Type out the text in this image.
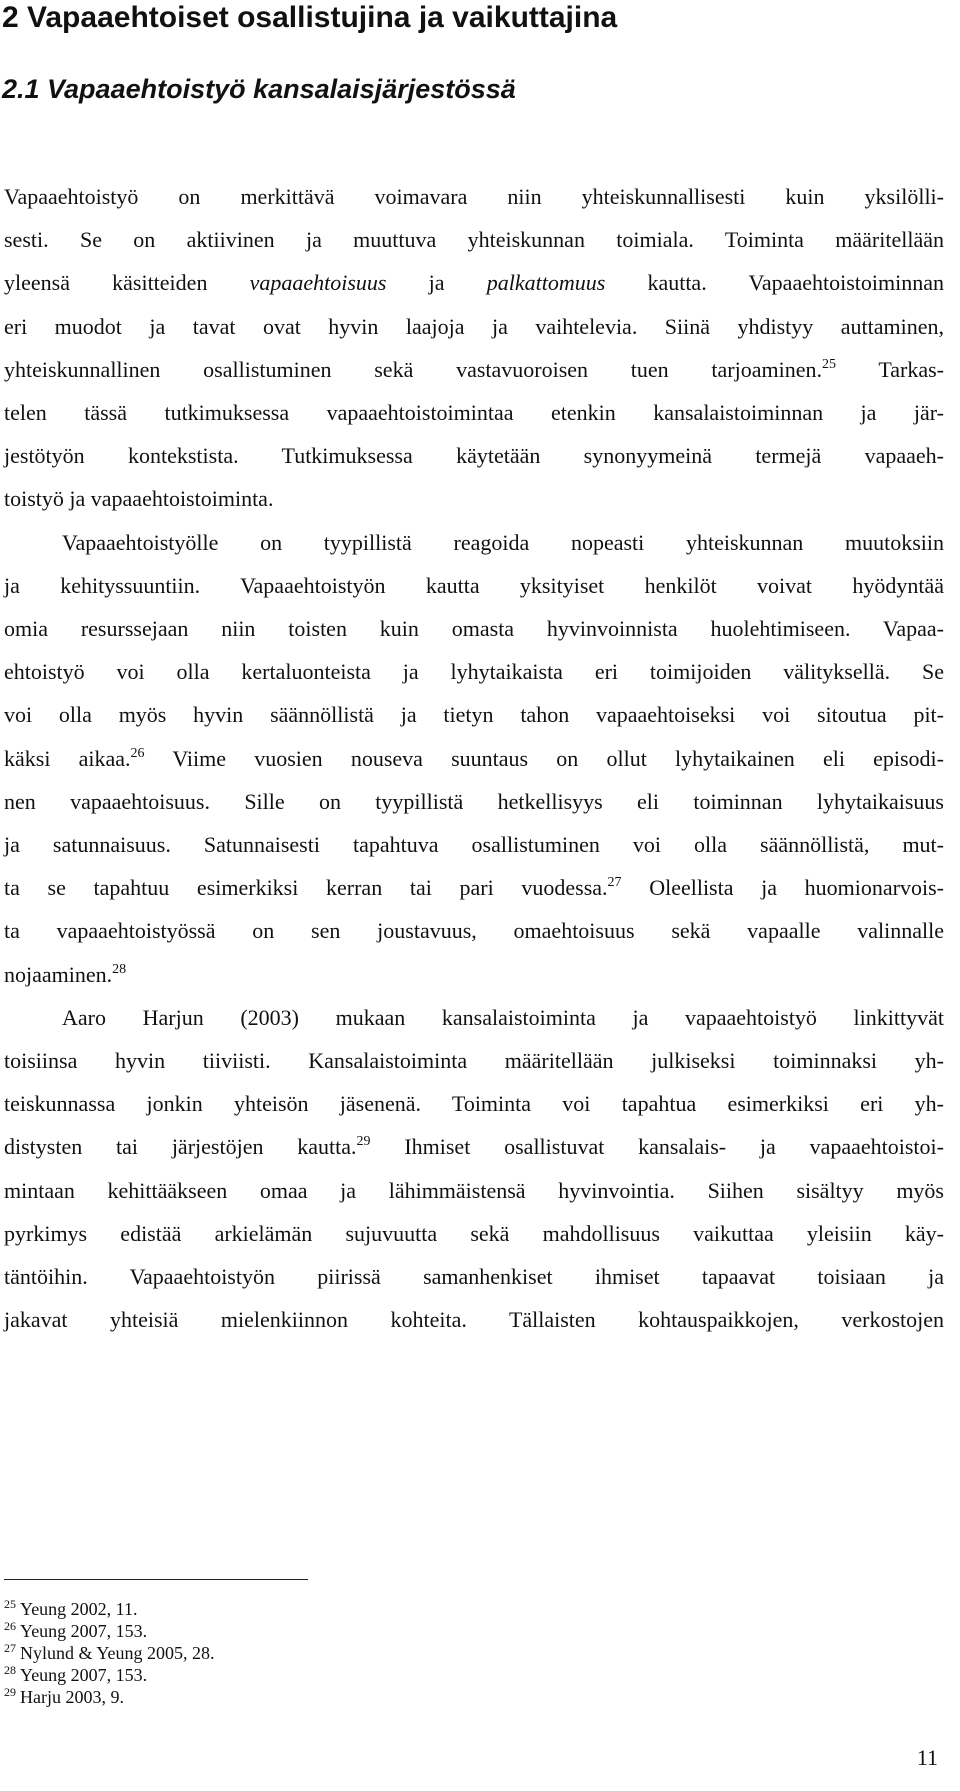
2 Vapaaehtoiset osallistujina ja vaikuttajina
2.1 Vapaaehtoistyö kansalaisjärjestössä

Vapaaehtoistyö on merkittävä voimavara niin yhteiskunnallisesti kuin yksilölli-
sesti. Se on aktiivinen ja muuttuva yhteiskunnan toimiala. Toiminta määritellään
yleensä käsitteiden vapaaehtoisuus ja palkattomuus kautta. Vapaaehtoistoiminnan
eri muodot ja tavat ovat hyvin laajoja ja vaihtelevia. Siinä yhdistyy auttaminen,
yhteiskunnallinen osallistuminen sekä vastavuoroisen tuen tarjoaminen.$^{25}$ Tarkas-
telen tässä tutkimuksessa vapaaehtoistoimintaa etenkin kansalaistoiminnan ja jär-
jestötyön kontekstista. Tutkimuksessa käytetään synonyymeinä termejä vapaaeh-
toistyö ja vapaaehtoistoiminta.

Vapaaehtoistyölle on tyypillistä reagoida nopeasti yhteiskunnan muutoksiin
ja kehityssuuntiin. Vapaaehtoistyön kautta yksityiset henkilöt voivat hyödyntää
omia resurssejaan niin toisten kuin omasta hyvinvoinnista huolehtimiseen. Vapaa-
ehtoistyö voi olla kertaluonteista ja lyhytaikaista eri toimijoiden välityksellä. Se
voi olla myös hyvin säännöllistä ja tietyn tahon vapaaehtoiseksi voi sitoutua pit-
käksi aikaa.$^{26}$ Viime vuosien nouseva suuntaus on ollut lyhytaikainen eli episodi-
nen vapaaehtoisuus. Sille on tyypillistä hetkellisyys eli toiminnan lyhytaikaisuus
ja satunnaisuus. Satunnaisesti tapahtuva osallistuminen voi olla säännöllistä, mut-
ta se tapahtuu esimerkiksi kerran tai pari vuodessa.$^{27}$ Oleellista ja huomionarvois-
ta vapaaehtoistyössä on sen joustavuus, omaehtoisuus sekä vapaalle valinnalle
nojaaminen.$^{28}$

Aaro Harjun (2003) mukaan kansalaistoiminta ja vapaaehtoistyö linkittyvät
toisiinsa hyvin tiiviisti. Kansalaistoiminta määritellään julkiseksi toiminnaksi yh-
teiskunnassa jonkin yhteisön jäsenenä. Toiminta voi tapahtua esimerkiksi eri yh-
distysten tai järjestöjen kautta.$^{29}$ Ihmiset osallistuvat kansalais- ja vapaaehtoistoi-
mintaan kehittääkseen omaa ja lähimmäistensä hyvinvointia. Siihen sisältyy myös
pyrkimys edistää arkielämän sujuvuutta sekä mahdollisuus vaikuttaa yleisiin käy-
täntöihin. Vapaaehtoistyön piirissä samanhenkiset ihmiset tapaavat toisiaan ja
jakavat yhteisiä mielenkiinnon kohteita. Tällaisten kohtauspaikkojen, verkostojen

$^{25}$ Yeung 2002, 11.
$^{26}$ Yeung 2007, 153.
$^{27}$ Nylund & Yeung 2005, 28.
$^{28}$ Yeung 2007, 153.
$^{29}$ Harju 2003, 9.
11
